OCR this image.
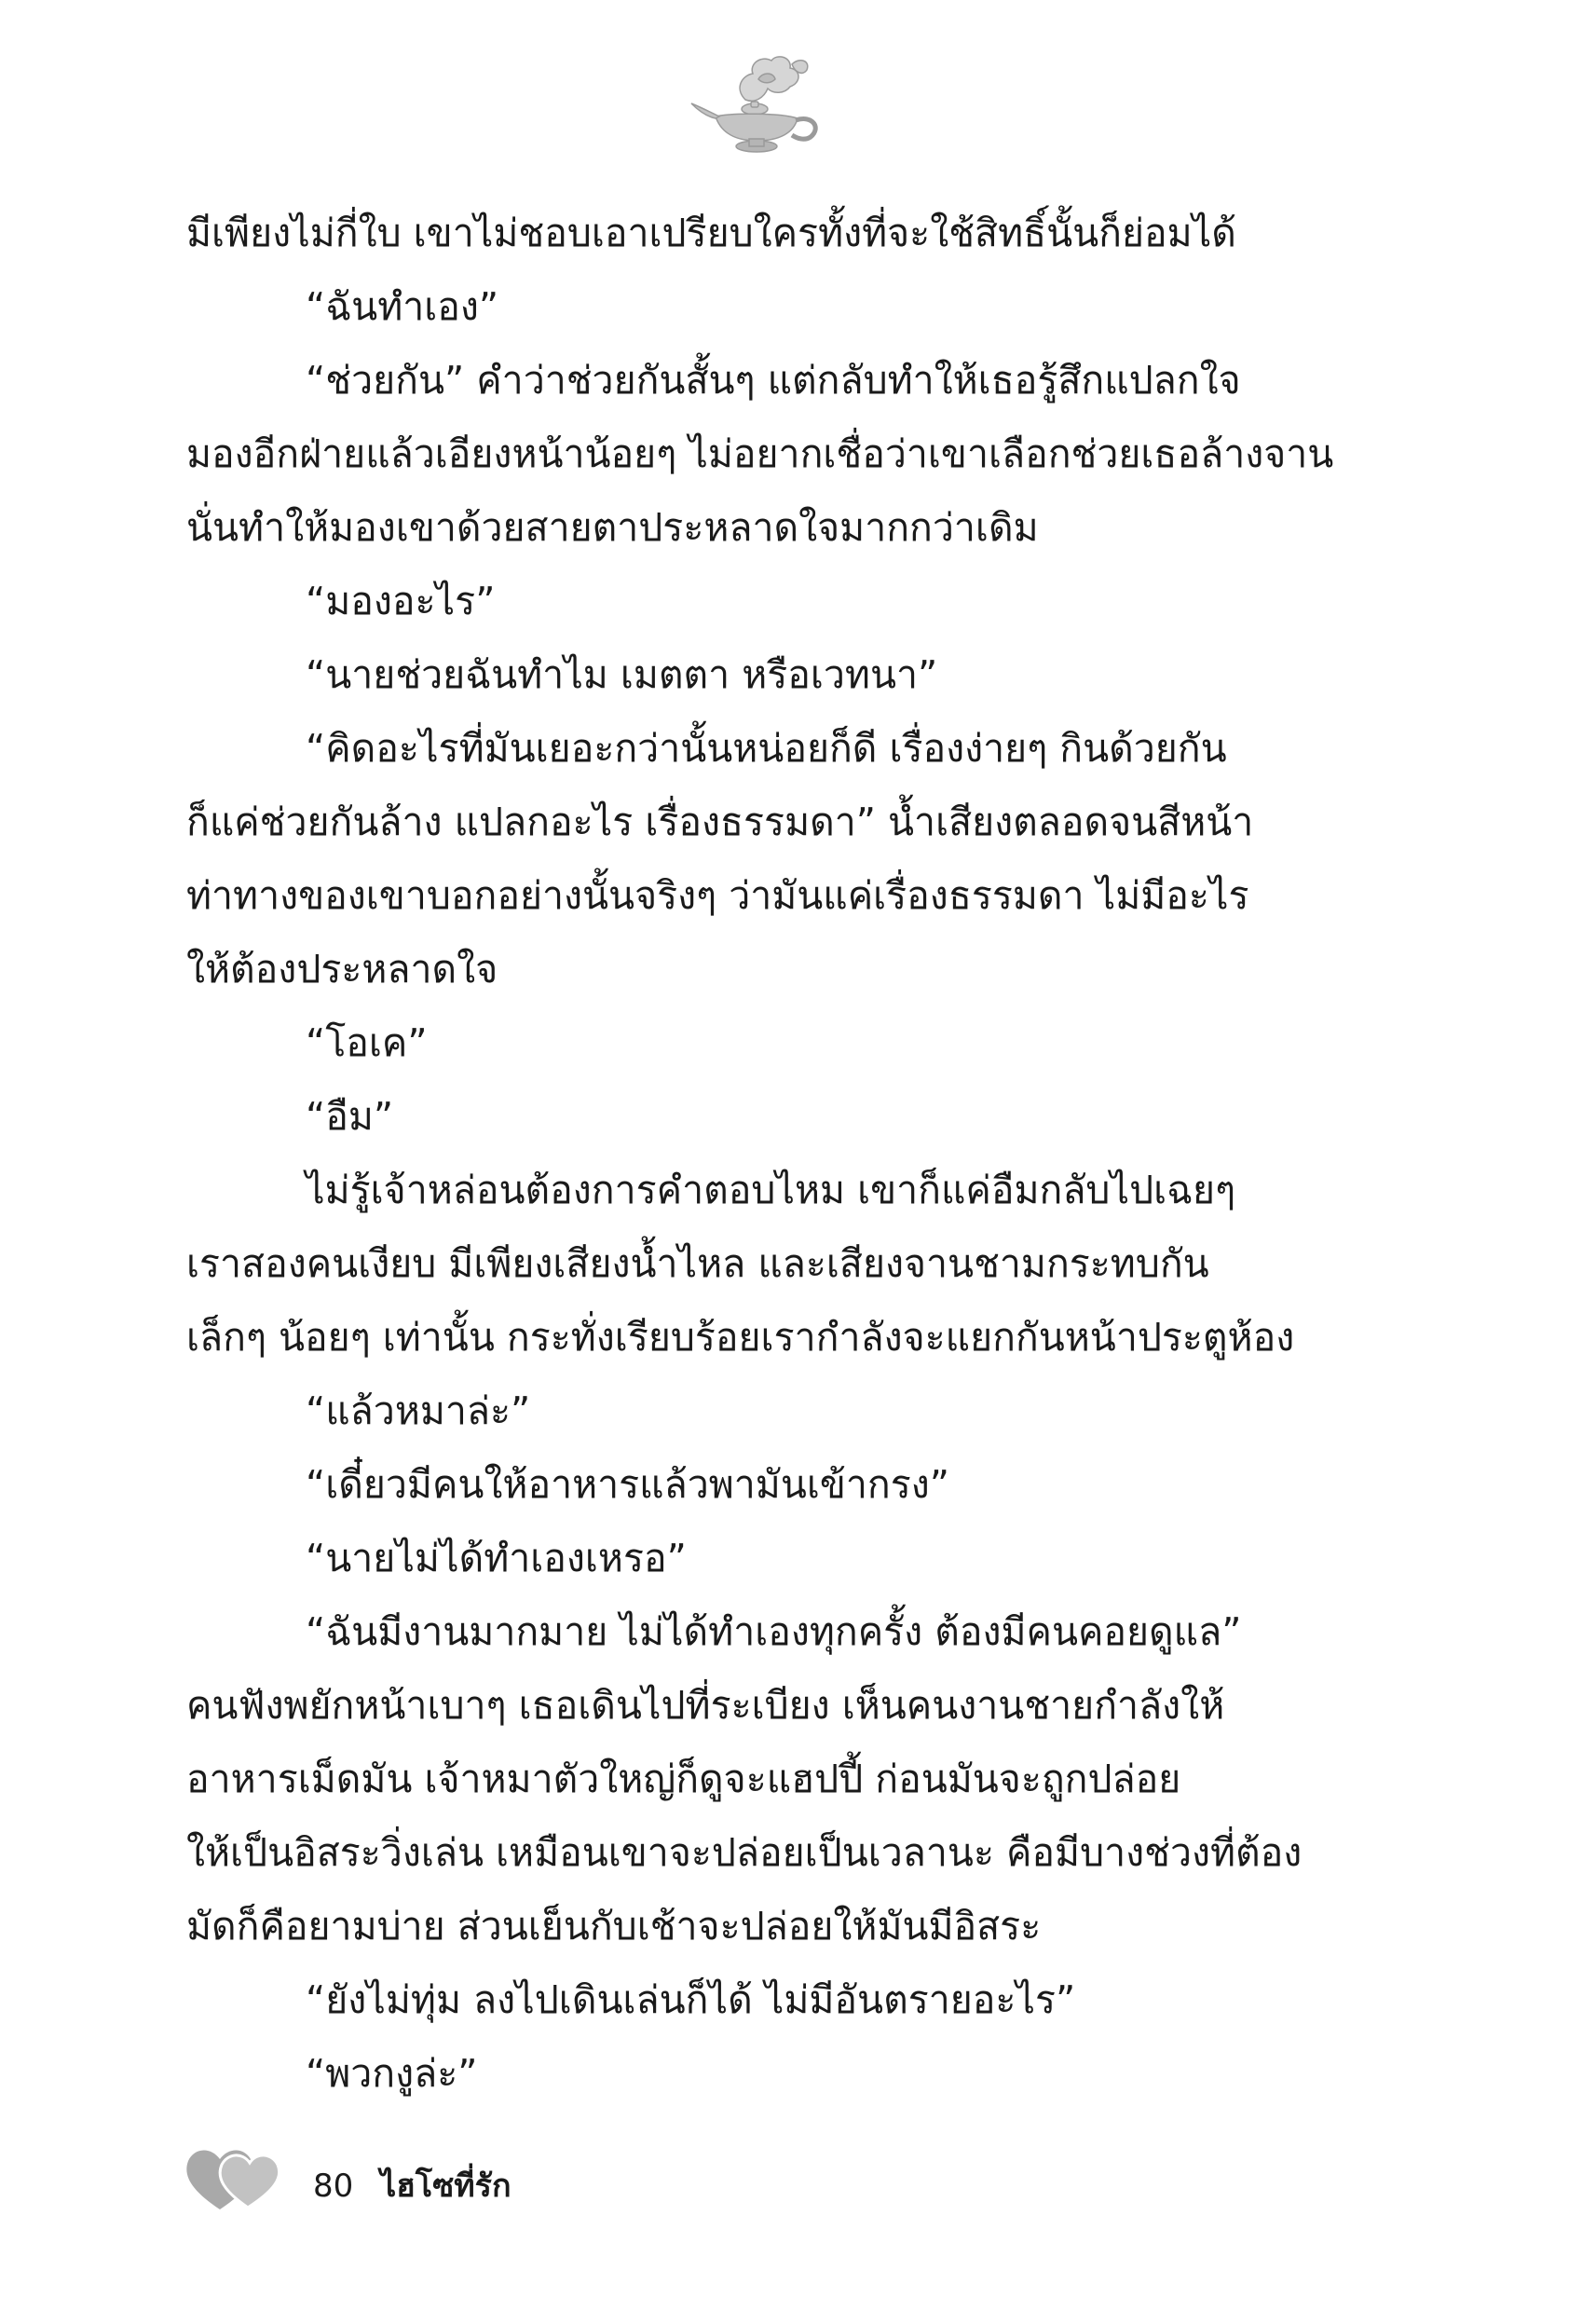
มีเพียงไม่กี่ใบ เขาไม่ชอบเอาเปรียบใครทั้งที่จะใช้สิทธิ์นั้นก็ย่อมได้
“ฉันทำเอง”
“ช่วยกัน” คำว่าช่วยกันสั้นๆ แต่กลับทำให้เธอรู้สึกแปลกใจ
มองอีกฝ่ายแล้วเอียงหน้าน้อยๆ ไม่อยากเชื่อว่าเขาเลือกช่วยเธอล้างจาน
นั่นทำให้มองเขาด้วยสายตาประหลาดใจมากกว่าเดิม
“มองอะไร”
“นายช่วยฉันทำไม เมตตา หรือเวทนา”
“คิดอะไรที่มันเยอะกว่านั้นหน่อยก็ดี เรื่องง่ายๆ กินด้วยกัน
ก็แค่ช่วยกันล้าง แปลกอะไร เรื่องธรรมดา” น้ำเสียงตลอดจนสีหน้า
ท่าทางของเขาบอกอย่างนั้นจริงๆ ว่ามันแค่เรื่องธรรมดา ไม่มีอะไร
ให้ต้องประหลาดใจ
“โอเค”
“อืม”
ไม่รู้เจ้าหล่อนต้องการคำตอบไหม เขาก็แค่อืมกลับไปเฉยๆ
เราสองคนเงียบ มีเพียงเสียงน้ำไหล และเสียงจานชามกระทบกัน
เล็กๆ น้อยๆ เท่านั้น กระทั่งเรียบร้อยเรากำลังจะแยกกันหน้าประตูห้อง
“แล้วหมาล่ะ”
“เดี๋ยวมีคนให้อาหารแล้วพามันเข้ากรง”
“นายไม่ได้ทำเองเหรอ”
“ฉันมีงานมากมาย ไม่ได้ทำเองทุกครั้ง ต้องมีคนคอยดูแล”
คนฟังพยักหน้าเบาๆ เธอเดินไปที่ระเบียง เห็นคนงานชายกำลังให้
อาหารเม็ดมัน เจ้าหมาตัวใหญ่ก็ดูจะแฮปปี้ ก่อนมันจะถูกปล่อย
ให้เป็นอิสระวิ่งเล่น เหมือนเขาจะปล่อยเป็นเวลานะ คือมีบางช่วงที่ต้อง
มัดก็คือยามบ่าย ส่วนเย็นกับเช้าจะปล่อยให้มันมีอิสระ
“ยังไม่ทุ่ม ลงไปเดินเล่นก็ได้ ไม่มีอันตรายอะไร”
“พวกงูล่ะ”
80 ไฮโซที่รัก
